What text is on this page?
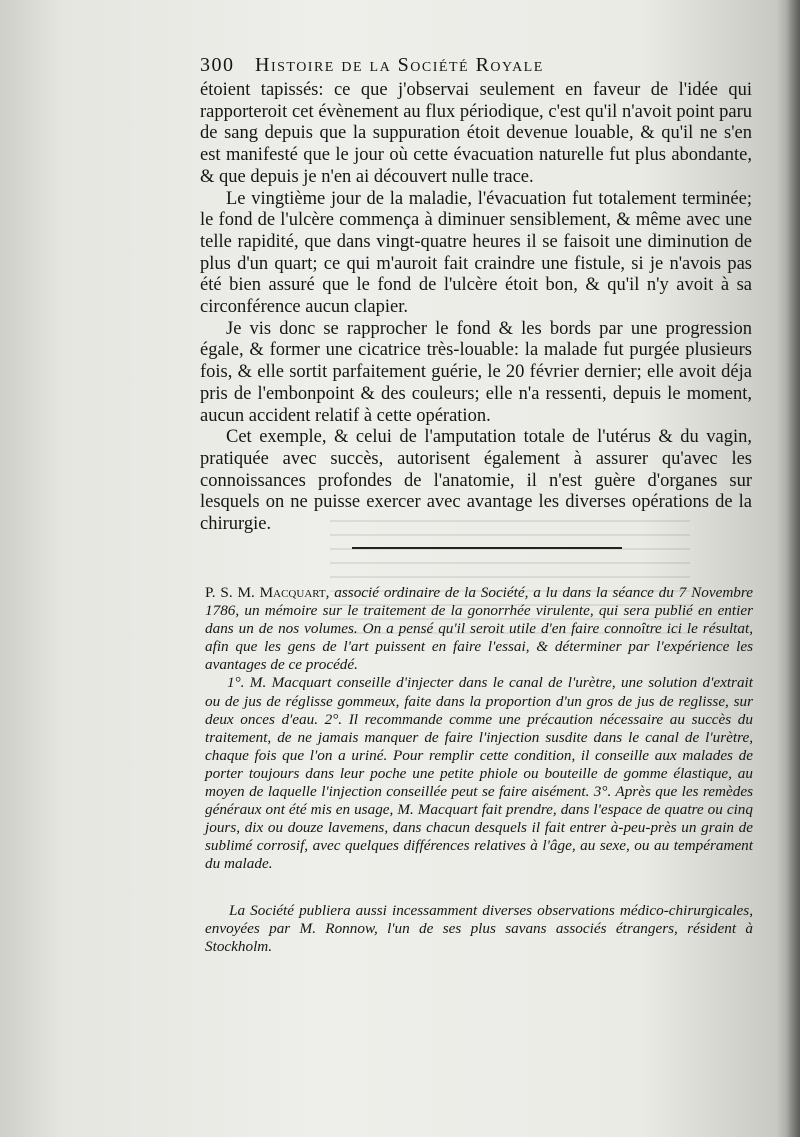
300 Histoire de la Société Royale

étoient tapissés: ce que j'observai seulement en faveur de l'idée qui rapporteroit cet évènement au flux périodique, c'est qu'il n'avoit point paru de sang depuis que la suppuration étoit devenue louable, & qu'il ne s'en est manifesté que le jour où cette évacuation naturelle fut plus abondante, & que depuis je n'en ai découvert nulle trace.

Le vingtième jour de la maladie, l'évacuation fut totalement terminée; le fond de l'ulcère commença à diminuer sensiblement, & même avec une telle rapidité, que dans vingt-quatre heures il se faisoit une diminution de plus d'un quart; ce qui m'auroit fait craindre une fistule, si je n'avois pas été bien assuré que le fond de l'ulcère étoit bon, & qu'il n'y avoit à sa circonférence aucun clapier.

Je vis donc se rapprocher le fond & les bords par une progression égale, & former une cicatrice très-louable: la malade fut purgée plusieurs fois, & elle sortit parfaitement guérie, le 20 février dernier; elle avoit déja pris de l'embonpoint & des couleurs; elle n'a ressenti, depuis le moment, aucun accident relatif à cette opération.

Cet exemple, & celui de l'amputation totale de l'utérus & du vagin, pratiquée avec succès, autorisent également à assurer qu'avec les connoissances profondes de l'anatomie, il n'est guère d'organes sur lesquels on ne puisse exercer avec avantage les diverses opérations de la chirurgie.

P. S. M. Macquart, associé ordinaire de la Société, a lu dans la séance du 7 Novembre 1786, un mémoire sur le traitement de la gonorrhée virulente, qui sera publié en entier dans un de nos volumes. On a pensé qu'il seroit utile d'en faire connoître ici le résultat, afin que les gens de l'art puissent en faire l'essai, & déterminer par l'expérience les avantages de ce procédé.

1°. M. Macquart conseille d'injecter dans le canal de l'urètre, une solution d'extrait ou de jus de réglisse gommeux, faite dans la proportion d'un gros de jus de reglisse, sur deux onces d'eau. 2°. Il recommande comme une précaution nécessaire au succès du traitement, de ne jamais manquer de faire l'injection susdite dans le canal de l'urètre, chaque fois que l'on a uriné. Pour remplir cette condition, il conseille aux malades de porter toujours dans leur poche une petite phiole ou bouteille de gomme élastique, au moyen de laquelle l'injection conseillée peut se faire aisément. 3°. Après que les remèdes généraux ont été mis en usage, M. Macquart fait prendre, dans l'espace de quatre ou cinq jours, dix ou douze lavemens, dans chacun desquels il fait entrer à-peu-près un grain de sublimé corrosif, avec quelques différences relatives à l'âge, au sexe, ou au tempérament du malade.

La Société publiera aussi incessamment diverses observations médico-chirurgicales, envoyées par M. Ronnow, l'un de ses plus savans associés étrangers, résident à Stockholm.
